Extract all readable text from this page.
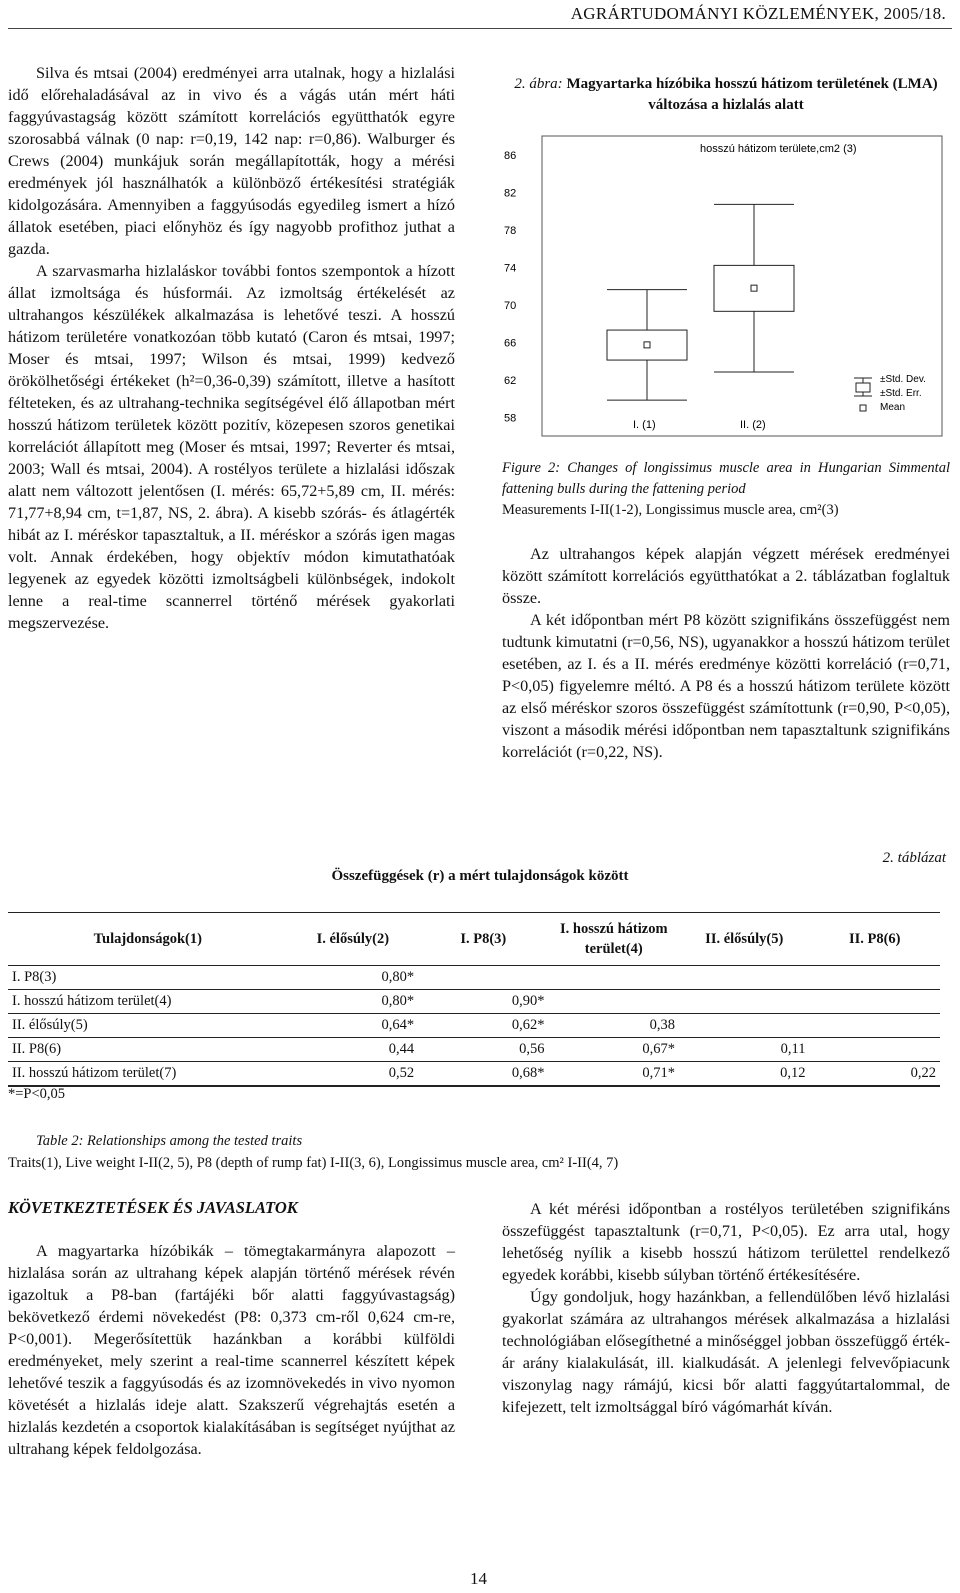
AGRÁRTUDOMÁNYI KÖZLEMÉNYEK, 2005/18.

Silva és mtsai (2004) eredményei arra utalnak, hogy a hizlalási idő előrehaladásával az in vivo és a vágás után mért háti faggyúvastagság között számított korrelációs együtthatók egyre szorosabbá válnak (0 nap: r=0,19, 142 nap: r=0,86). Walburger és Crews (2004) munkájuk során megállapították, hogy a mérési eredmények jól használhatók a különböző értékesítési stratégiák kidolgozására. Amennyiben a faggyúsodás egyedileg ismert a hízó állatok esetében, piaci előnyhöz és így nagyobb profithoz juthat a gazda.

A szarvasmarha hizlaláskor további fontos szempontok a hízott állat izmoltsága és húsformái. Az izmoltság értékelését az ultrahangos készülékek alkalmazása is lehetővé teszi. A hosszú hátizom területére vonatkozóan több kutató (Caron és mtsai, 1997; Moser és mtsai, 1997; Wilson és mtsai, 1999) kedvező örökölhetőségi értékeket (h²=0,36-0,39) számított, illetve a hasított félteteken, és az ultrahang-technika segítségével élő állapotban mért hosszú hátizom területek között pozitív, közepesen szoros genetikai korrelációt állapított meg (Moser és mtsai, 1997; Reverter és mtsai, 2003; Wall és mtsai, 2004). A rostélyos területe a hizlalási időszak alatt nem változott jelentősen (I. mérés: 65,72+5,89 cm, II. mérés: 71,77+8,94 cm, t=1,87, NS, 2. ábra). A kisebb szórás- és átlagérték hibát az I. méréskor tapasztaltuk, a II. méréskor a szórás igen magas volt. Annak érdekében, hogy objektív módon kimutathatóak legyenek az egyedek közötti izmoltságbeli különbségek, indokolt lenne a real-time scannerrel történő mérések gyakorlati megszervezése.

2. ábra: Magyartarka hízóbika hosszú hátizom területének (LMA) változása a hizlalás alatt
hosszú hátizom területe,cm2 (3)
58
62
66
70
74
78
82
86
I. (1)	II. (2)
±Std. Dev.
±Std. Err.
Mean
Figure 2: Changes of longissimus muscle area in Hungarian Simmental fattening bulls during the fattening period
Measurements I-II(1-2), Longissimus muscle area, cm²(3)

Az ultrahangos képek alapján végzett mérések eredményei között számított korrelációs együtthatókat a 2. táblázatban foglaltuk össze.

A két időpontban mért P8 között szignifikáns összefüggést nem tudtunk kimutatni (r=0,56, NS), ugyanakkor a hosszú hátizom terület esetében, az I. és a II. mérés eredménye közötti korreláció (r=0,71, P<0,05) figyelemre méltó. A P8 és a hosszú hátizom területe között az első méréskor szoros összefüggést számítottunk (r=0,90, P<0,05), viszont a második mérési időpontban nem tapasztaltunk szignifikáns korrelációt (r=0,22, NS).

2. táblázat
Összefüggések (r) a mért tulajdonságok között
Tulajdonságok(1)	I. élősúly(2)	I. P8(3)	I. hosszú hátizom terület(4)	II. élősúly(5)	II. P8(6)
I. P8(3)	0,80*				
I. hosszú hátizom terület(4)	0,80*	0,90*			
II. élősúly(5)	0,64*	0,62*	0,38		
II. P8(6)	0,44	0,56	0,67*	0,11	
II. hosszú hátizom terület(7)	0,52	0,68*	0,71*	0,12	0,22
*=P<0,05
Table 2: Relationships among the tested traits
Traits(1), Live weight I-II(2, 5), P8 (depth of rump fat) I-II(3, 6), Longissimus muscle area, cm² I-II(4, 7)
KÖVETKEZTETÉSEK ÉS JAVASLATOK

A magyartarka hízóbikák – tömegtakarmányra alapozott – hizlalása során az ultrahang képek alapján történő mérések révén igazoltuk a P8-ban (fartájéki bőr alatti faggyúvastagság) bekövetkező érdemi növekedést (P8: 0,373 cm-ről 0,624 cm-re, P<0,001). Megerősítettük hazánkban a korábbi külföldi eredményeket, mely szerint a real-time scannerrel készített képek lehetővé teszik a faggyúsodás és az izomnövekedés in vivo nyomon követését a hizlalás ideje alatt. Szakszerű végrehajtás esetén a hizlalás kezdetén a csoportok kialakításában is segítséget nyújthat az ultrahang képek feldolgozása.

A két mérési időpontban a rostélyos területében szignifikáns összefüggést tapasztaltunk (r=0,71, P<0,05). Ez arra utal, hogy lehetőség nyílik a kisebb hosszú hátizom területtel rendelkező egyedek korábbi, kisebb súlyban történő értékesítésére.

Úgy gondoljuk, hogy hazánkban, a fellendülőben lévő hizlalási gyakorlat számára az ultrahangos mérések alkalmazása a hizlalási technológiában elősegíthetné a minőséggel jobban összefüggő érték-ár arány kialakulását, ill. kialkudását. A jelenlegi felvevőpiacunk viszonylag nagy rámájú, kicsi bőr alatti faggyútartalommal, de kifejezett, telt izmoltsággal bíró vágómarhát kíván.

14
